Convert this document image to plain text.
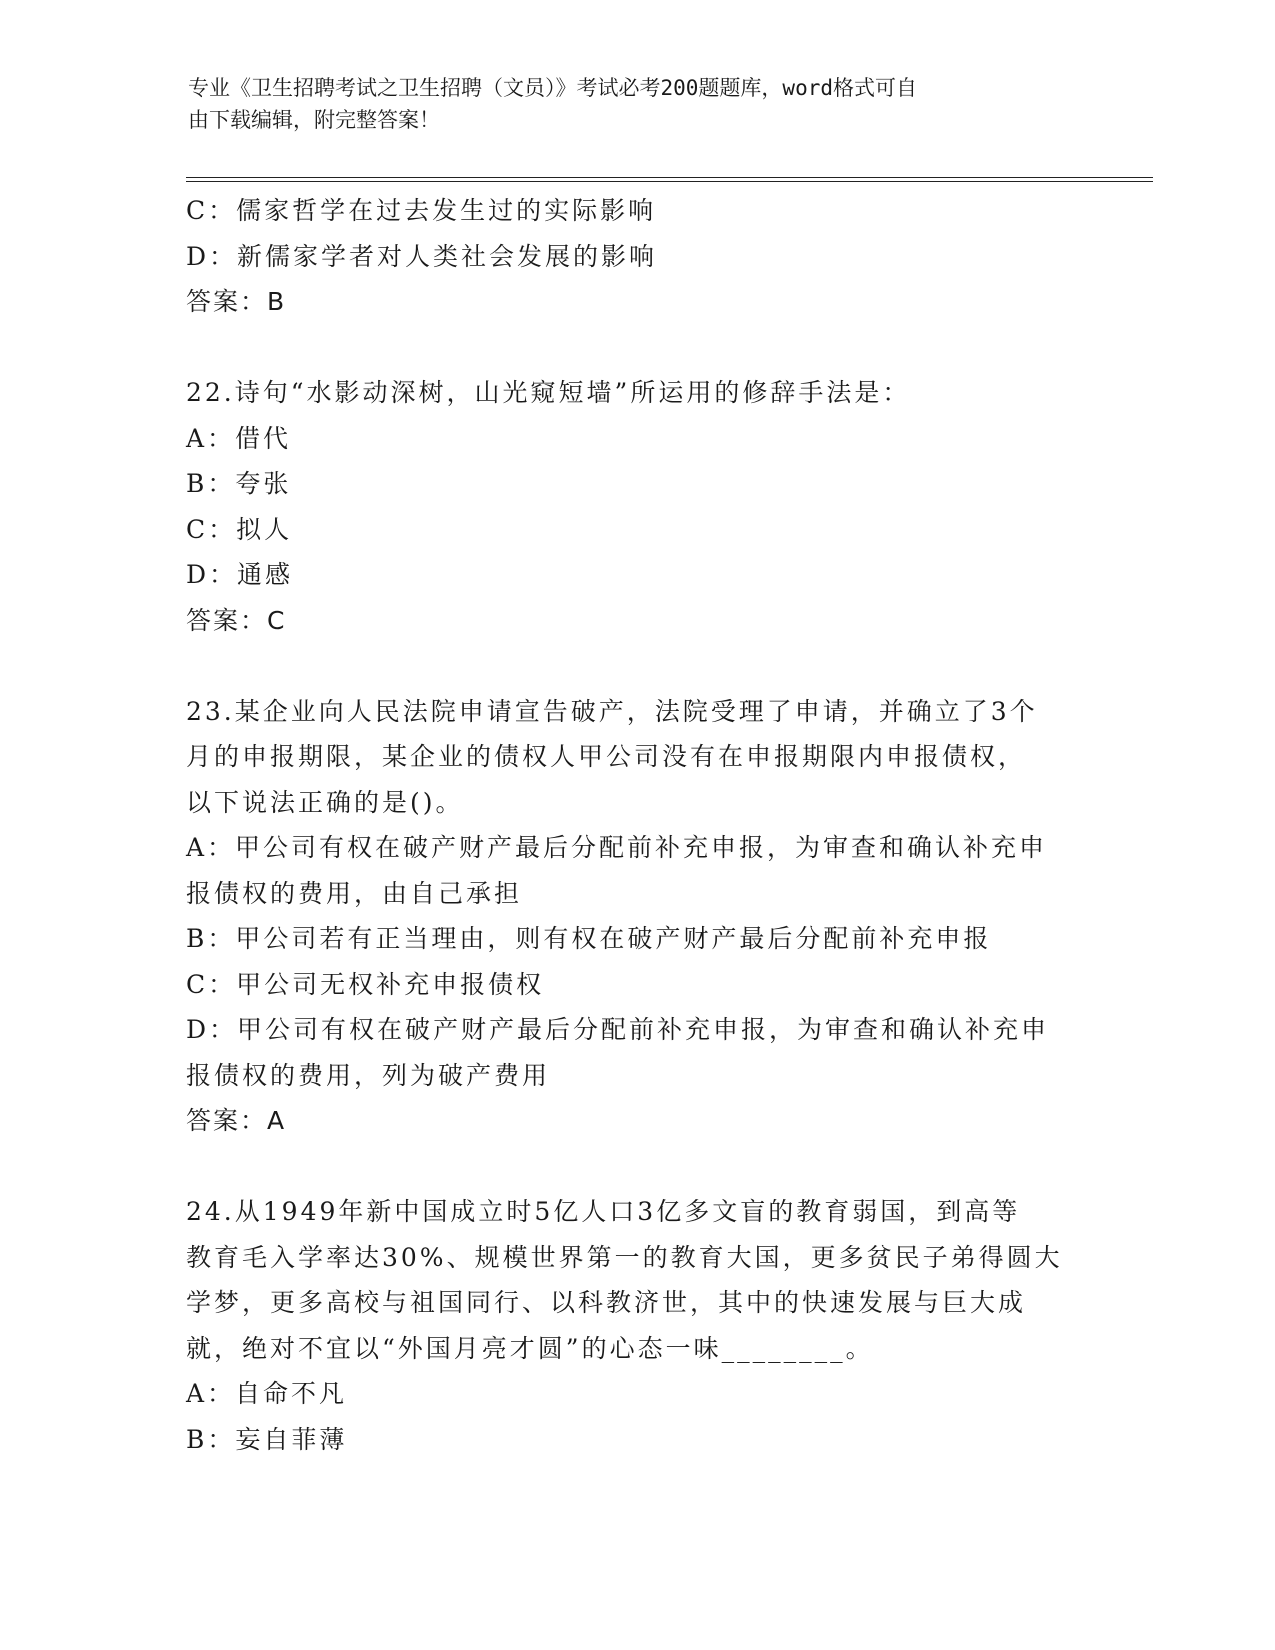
专业《卫生招聘考试之卫生招聘（文员）》考试必考200题题库，word格式可自
由下载编辑，附完整答案！
C：儒家哲学在过去发生过的实际影响
D：新儒家学者对人类社会发展的影响
答案：B
22.诗句“水影动深树，山光窥短墙”所运用的修辞手法是：
A：借代
B：夸张
C：拟人
D：通感
答案：C
23.某企业向人民法院申请宣告破产，法院受理了申请，并确立了3个
月的申报期限，某企业的债权人甲公司没有在申报期限内申报债权，
以下说法正确的是()。
A：甲公司有权在破产财产最后分配前补充申报，为审查和确认补充申
报债权的费用，由自己承担
B：甲公司若有正当理由，则有权在破产财产最后分配前补充申报
C：甲公司无权补充申报债权
D：甲公司有权在破产财产最后分配前补充申报，为审查和确认补充申
报债权的费用，列为破产费用
答案：A
24.从1949年新中国成立时5亿人口3亿多文盲的教育弱国，到高等
教育毛入学率达30%、规模世界第一的教育大国，更多贫民子弟得圆大
学梦，更多高校与祖国同行、以科教济世，其中的快速发展与巨大成
就，绝对不宜以“外国月亮才圆”的心态一味________。
A：自命不凡
B：妄自菲薄
